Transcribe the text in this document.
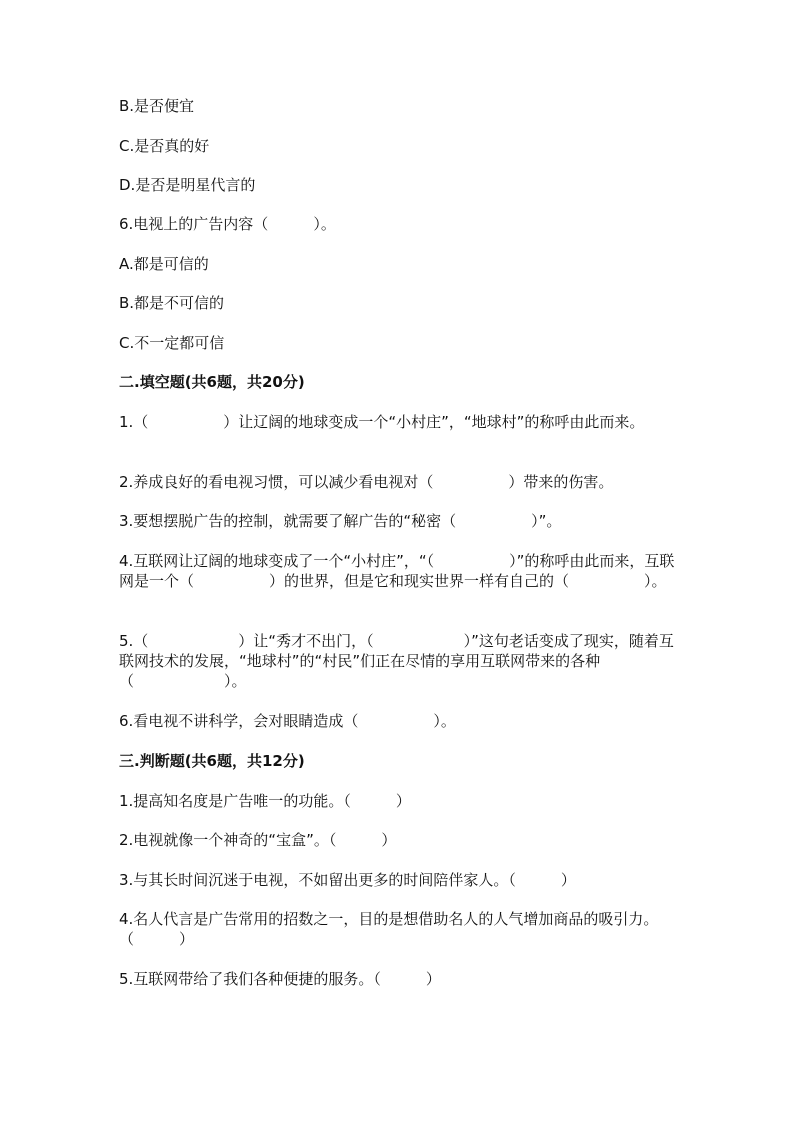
B.是否便宜
C.是否真的好
D.是否是明星代言的
6.电视上的广告内容（　　　）。
A.都是可信的
B.都是不可信的
C.不一定都可信
二.填空题(共6题，共20分)
1.（　　　　　）让辽阔的地球变成一个“小村庄”，“地球村”的称呼由此而来。
2.养成良好的看电视习惯，可以减少看电视对（　　　　　）带来的伤害。
3.要想摆脱广告的控制，就需要了解广告的“秘密（　　　　　）”。
4.互联网让辽阔的地球变成了一个“小村庄”，“（　　　　　）”的称呼由此而来，互联网是一个（　　　　　）的世界，但是它和现实世界一样有自己的（　　　　　）。
5.（　　　　　　）让“秀才不出门，（　　　　　　）”这句老话变成了现实，随着互联网技术的发展，“地球村”的“村民”们正在尽情的享用互联网带来的各种（　　　　　　）。
6.看电视不讲科学，会对眼睛造成（　　　　　）。
三.判断题(共6题，共12分)
1.提高知名度是广告唯一的功能。（　　　）
2.电视就像一个神奇的“宝盒”。（　　　）
3.与其长时间沉迷于电视，不如留出更多的时间陪伴家人。（　　　）
4.名人代言是广告常用的招数之一，目的是想借助名人的人气增加商品的吸引力。（　　　）
5.互联网带给了我们各种便捷的服务。（　　　）
